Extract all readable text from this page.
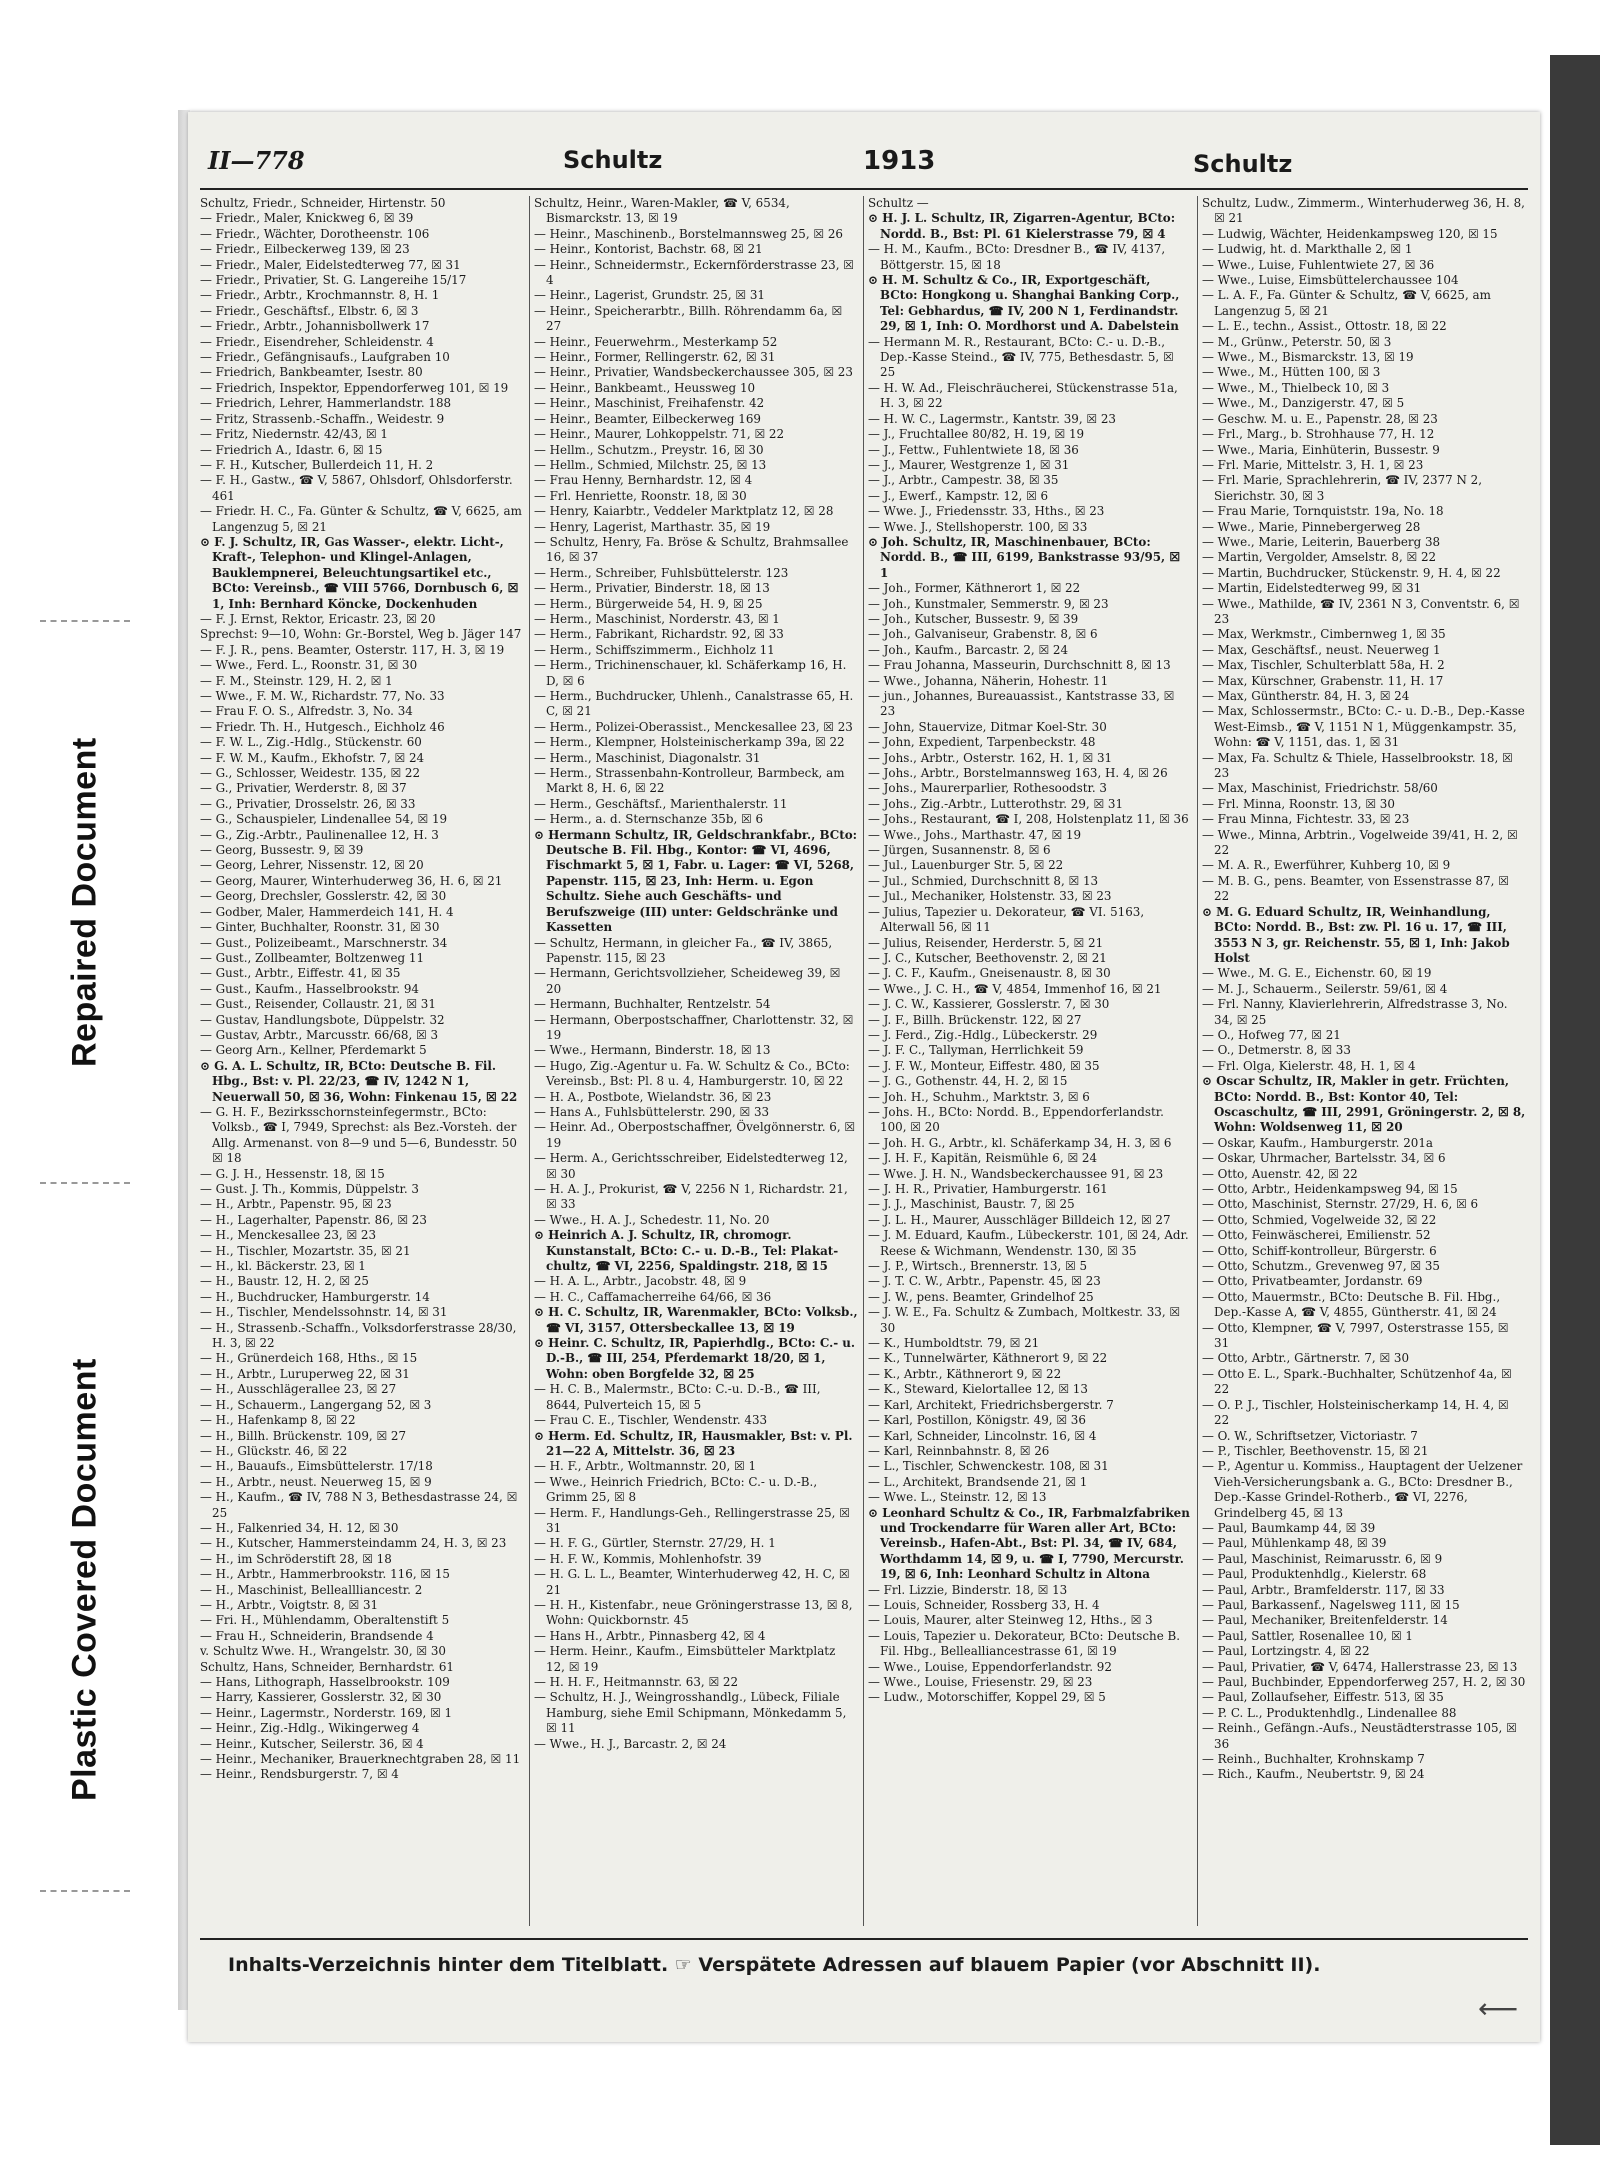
Repaired Document
Plastic Covered Document
II—778	Schultz	1913	Schultz
Schultz, Friedr., Schneider, Hirtenstr. 50
— Friedr., Maler, Knickweg 6, ☒ 39
— Friedr., Wächter, Dorotheenstr. 106
— Friedr., Eilbeckerweg 139, ☒ 23
— Friedr., Maler, Eidelstedterweg 77, ☒ 31
— Friedr., Privatier, St. G. Langereihe 15/17
— Friedr., Arbtr., Krochmannstr. 8, H. 1
— Friedr., Geschäftsf., Elbstr. 6, ☒ 3
— Friedr., Arbtr., Johannisbollwerk 17
— Friedr., Eisendreher, Schleidenstr. 4
— Friedr., Gefängnisaufs., Laufgraben 10
— Friedrich, Bankbeamter, Isestr. 80
— Friedrich, Inspektor, Eppendorferweg 101, ☒ 19
— Friedrich, Lehrer, Hammerlandstr. 188
— Fritz, Strassenb.-Schaffn., Weidestr. 9
— Fritz, Niedernstr. 42/43, ☒ 1
— Friedrich A., Idastr. 6, ☒ 15
— F. H., Kutscher, Bullerdeich 11, H. 2
— F. H., Gastw., ☎ V, 5867, Ohlsdorf, Ohlsdorferstr. 461
— Friedr. H. C., Fa. Günter & Schultz, ☎ V, 6625, am Langenzug 5, ☒ 21
⊙ F. J. Schultz, IR, Gas Wasser-, elektr. Licht-, Kraft-, Telephon- und Klingel-Anlagen, Bauklempnerei, Beleuchtungsartikel etc., BCto: Vereinsb., ☎ VIII 5766, Dornbusch 6, ☒ 1, Inh: Bernhard Köncke, Dockenhuden
— F. J. Ernst, Rektor, Ericastr. 23, ☒ 20
Sprechst: 9—10, Wohn: Gr.-Borstel, Weg b. Jäger 147
— F. J. R., pens. Beamter, Osterstr. 117, H. 3, ☒ 19
— Wwe., Ferd. L., Roonstr. 31, ☒ 30
— F. M., Steinstr. 129, H. 2, ☒ 1
— Wwe., F. M. W., Richardstr. 77, No. 33
— Frau F. O. S., Alfredstr. 3, No. 34
— Friedr. Th. H., Hutgesch., Eichholz 46
— F. W. L., Zig.-Hdlg., Stückenstr. 60
— F. W. M., Kaufm., Ekhofstr. 7, ☒ 24
— G., Schlosser, Weidestr. 135, ☒ 22
— G., Privatier, Werderstr. 8, ☒ 37
— G., Privatier, Drosselstr. 26, ☒ 33
— G., Schauspieler, Lindenallee 54, ☒ 19
— G., Zig.-Arbtr., Paulinenallee 12, H. 3
— Georg, Bussestr. 9, ☒ 39
— Georg, Lehrer, Nissenstr. 12, ☒ 20
— Georg, Maurer, Winterhuderweg 36, H. 6, ☒ 21
— Georg, Drechsler, Gosslerstr. 42, ☒ 30
— Godber, Maler, Hammerdeich 141, H. 4
— Ginter, Buchhalter, Roonstr. 31, ☒ 30
— Gust., Polizeibeamt., Marschnerstr. 34
— Gust., Zollbeamter, Boltzenweg 11
— Gust., Arbtr., Eiffestr. 41, ☒ 35
— Gust., Kaufm., Hasselbrookstr. 94
— Gust., Reisender, Collaustr. 21, ☒ 31
— Gustav, Handlungsbote, Düppelstr. 32
— Gustav, Arbtr., Marcusstr. 66/68, ☒ 3
— Georg Arn., Kellner, Pferdemarkt 5
⊙ G. A. L. Schultz, IR, BCto: Deutsche B. Fil. Hbg., Bst: v. Pl. 22/23, ☎ IV, 1242 N 1, Neuerwall 50, ☒ 36, Wohn: Finkenau 15, ☒ 22
— G. H. F., Bezirksschornsteinfegermstr., BCto: Volksb., ☎ I, 7949, Sprechst: als Bez.-Vorsteh. der Allg. Armenanst. von 8—9 und 5—6, Bundesstr. 50 ☒ 18
— G. J. H., Hessenstr. 18, ☒ 15
— Gust. J. Th., Kommis, Düppelstr. 3
— H., Arbtr., Papenstr. 95, ☒ 23
— H., Lagerhalter, Papenstr. 86, ☒ 23
— H., Menckesallee 23, ☒ 23
— H., Tischler, Mozartstr. 35, ☒ 21
— H., kl. Bäckerstr. 23, ☒ 1
— H., Baustr. 12, H. 2, ☒ 25
— H., Buchdrucker, Hamburgerstr. 14
— H., Tischler, Mendelssohnstr. 14, ☒ 31
— H., Strassenb.-Schaffn., Volksdorferstrasse 28/30, H. 3, ☒ 22
— H., Grünerdeich 168, Hths., ☒ 15
— H., Arbtr., Luruperweg 22, ☒ 31
— H., Ausschlägerallee 23, ☒ 27
— H., Schauerm., Langergang 52, ☒ 3
— H., Hafenkamp 8, ☒ 22
— H., Billh. Brückenstr. 109, ☒ 27
— H., Glückstr. 46, ☒ 22
— H., Bauaufs., Eimsbüttelerstr. 17/18
— H., Arbtr., neust. Neuerweg 15, ☒ 9
— H., Kaufm., ☎ IV, 788 N 3, Bethesdastrasse 24, ☒ 25
— H., Falkenried 34, H. 12, ☒ 30
— H., Kutscher, Hammersteindamm 24, H. 3, ☒ 23
— H., im Schröderstift 28, ☒ 18
— H., Arbtr., Hammerbrookstr. 116, ☒ 15
— H., Maschinist, Belleallliancestr. 2
— H., Arbtr., Voigtstr. 8, ☒ 31
— Fri. H., Mühlendamm, Oberaltenstift 5
— Frau H., Schneiderin, Brandsende 4
v. Schultz Wwe. H., Wrangelstr. 30, ☒ 30
Schultz, Hans, Schneider, Bernhardstr. 61
— Hans, Lithograph, Hasselbrookstr. 109
— Harry, Kassierer, Gosslerstr. 32, ☒ 30
— Heinr., Lagermstr., Norderstr. 169, ☒ 1
— Heinr., Zig.-Hdlg., Wikingerweg 4
— Heinr., Kutscher, Seilerstr. 36, ☒ 4
— Heinr., Mechaniker, Brauerknechtgraben 28, ☒ 11
— Heinr., Rendsburgerstr. 7, ☒ 4
Schultz, Heinr., Waren-Makler, ☎ V, 6534, Bismarckstr. 13, ☒ 19
— Heinr., Maschinenb., Borstelmannsweg 25, ☒ 26
— Heinr., Kontorist, Bachstr. 68, ☒ 21
— Heinr., Schneidermstr., Eckernförderstrasse 23, ☒ 4
— Heinr., Lagerist, Grundstr. 25, ☒ 31
— Heinr., Speicherarbtr., Billh. Röhrendamm 6a, ☒ 27
— Heinr., Feuerwehrm., Mesterkamp 52
— Heinr., Former, Rellingerstr. 62, ☒ 31
— Heinr., Privatier, Wandsbeckerchaussee 305, ☒ 23
— Heinr., Bankbeamt., Heussweg 10
— Heinr., Maschinist, Freihafenstr. 42
— Heinr., Beamter, Eilbeckerweg 169
— Heinr., Maurer, Lohkoppelstr. 71, ☒ 22
— Hellm., Schutzm., Preystr. 16, ☒ 30
— Hellm., Schmied, Milchstr. 25, ☒ 13
— Frau Henny, Bernhardstr. 12, ☒ 4
— Frl. Henriette, Roonstr. 18, ☒ 30
— Henry, Kaiarbtr., Veddeler Marktplatz 12, ☒ 28
— Henry, Lagerist, Marthastr. 35, ☒ 19
— Schultz, Henry, Fa. Bröse & Schultz, Brahmsallee 16, ☒ 37
— Herm., Schreiber, Fuhlsbüttelerstr. 123
— Herm., Privatier, Binderstr. 18, ☒ 13
— Herm., Bürgerweide 54, H. 9, ☒ 25
— Herm., Maschinist, Norderstr. 43, ☒ 1
— Herm., Fabrikant, Richardstr. 92, ☒ 33
— Herm., Schiffszimmerm., Eichholz 11
— Herm., Trichinenschauer, kl. Schäferkamp 16, H. D, ☒ 6
— Herm., Buchdrucker, Uhlenh., Canalstrasse 65, H. C, ☒ 21
— Herm., Polizei-Oberassist., Menckesallee 23, ☒ 23
— Herm., Klempner, Holsteinischerkamp 39a, ☒ 22
— Herm., Maschinist, Diagonalstr. 31
— Herm., Strassenbahn-Kontrolleur, Barmbeck, am Markt 8, H. 6, ☒ 22
— Herm., Geschäftsf., Marienthalerstr. 11
— Herm., a. d. Sternschanze 35b, ☒ 6
⊙ Hermann Schultz, IR, Geldschrankfabr., BCto: Deutsche B. Fil. Hbg., Kontor: ☎ VI, 4696, Fischmarkt 5, ☒ 1, Fabr. u. Lager: ☎ VI, 5268, Papenstr. 115, ☒ 23, Inh: Herm. u. Egon Schultz. Siehe auch Geschäfts- und Berufszweige (III) unter: Geldschränke und Kassetten
— Schultz, Hermann, in gleicher Fa., ☎ IV, 3865, Papenstr. 115, ☒ 23
— Hermann, Gerichtsvollzieher, Scheideweg 39, ☒ 20
— Hermann, Buchhalter, Rentzelstr. 54
— Hermann, Oberpostschaffner, Charlottenstr. 32, ☒ 19
— Wwe., Hermann, Binderstr. 18, ☒ 13
— Hugo, Zig.-Agentur u. Fa. W. Schultz & Co., BCto: Vereinsb., Bst: Pl. 8 u. 4, Hamburgerstr. 10, ☒ 22
— H. A., Postbote, Wielandstr. 36, ☒ 23
— Hans A., Fuhlsbüttelerstr. 290, ☒ 33
— Heinr. Ad., Oberpostschaffner, Övelgönnerstr. 6, ☒ 19
— Herm. A., Gerichtsschreiber, Eidelstedterweg 12, ☒ 30
— H. A. J., Prokurist, ☎ V, 2256 N 1, Richardstr. 21, ☒ 33
— Wwe., H. A. J., Schedestr. 11, No. 20
⊙ Heinrich A. J. Schultz, IR, chromogr. Kunstanstalt, BCto: C.- u. D.-B., Tel: Plakat-chultz, ☎ VI, 2256, Spaldingstr. 218, ☒ 15
— H. A. L., Arbtr., Jacobstr. 48, ☒ 9
— H. C., Caffamacherreihe 64/66, ☒ 36
⊙ H. C. Schultz, IR, Warenmakler, BCto: Volksb., ☎ VI, 3157, Ottersbeckallee 13, ☒ 19
⊙ Heinr. C. Schultz, IR, Papierhdlg., BCto: C.- u. D.-B., ☎ III, 254, Pferdemarkt 18/20, ☒ 1, Wohn: oben Borgfelde 32, ☒ 25
— H. C. B., Malermstr., BCto: C.-u. D.-B., ☎ III, 8644, Pulverteich 15, ☒ 5
— Frau C. E., Tischler, Wendenstr. 433
⊙ Herm. Ed. Schultz, IR, Hausmakler, Bst: v. Pl. 21—22 A, Mittelstr. 36, ☒ 23
— H. F., Arbtr., Woltmannstr. 20, ☒ 1
— Wwe., Heinrich Friedrich, BCto: C.- u. D.-B., Grimm 25, ☒ 8
— Herm. F., Handlungs-Geh., Rellingerstrasse 25, ☒ 31
— H. F. G., Gürtler, Sternstr. 27/29, H. 1
— H. F. W., Kommis, Mohlenhofstr. 39
— H. G. L. L., Beamter, Winterhuderweg 42, H. C, ☒ 21
— H. H., Kistenfabr., neue Gröningerstrasse 13, ☒ 8, Wohn: Quickbornstr. 45
— Hans H., Arbtr., Pinnasberg 42, ☒ 4
— Herm. Heinr., Kaufm., Eimsbütteler Marktplatz 12, ☒ 19
— H. H. F., Heitmannstr. 63, ☒ 22
— Schultz, H. J., Weingrosshandlg., Lübeck, Filiale Hamburg, siehe Emil Schipmann, Mönkedamm 5, ☒ 11
— Wwe., H. J., Barcastr. 2, ☒ 24
Schultz —
⊙ H. J. L. Schultz, IR, Zigarren-Agentur, BCto: Nordd. B., Bst: Pl. 61 Kielerstrasse 79, ☒ 4
— H. M., Kaufm., BCto: Dresdner B., ☎ IV, 4137, Böttgerstr. 15, ☒ 18
⊙ H. M. Schultz & Co., IR, Exportgeschäft, BCto: Hongkong u. Shanghai Banking Corp., Tel: Gebhardus, ☎ IV, 200 N 1, Ferdinandstr. 29, ☒ 1, Inh: O. Mordhorst und A. Dabelstein
— Hermann M. R., Restaurant, BCto: C.- u. D.-B., Dep.-Kasse Steind., ☎ IV, 775, Bethesdastr. 5, ☒ 25
— H. W. Ad., Fleischräucherei, Stückenstrasse 51a, H. 3, ☒ 22
— H. W. C., Lagermstr., Kantstr. 39, ☒ 23
— J., Fruchtallee 80/82, H. 19, ☒ 19
— J., Fettw., Fuhlentwiete 18, ☒ 36
— J., Maurer, Westgrenze 1, ☒ 31
— J., Arbtr., Campestr. 38, ☒ 35
— J., Ewerf., Kampstr. 12, ☒ 6
— Wwe. J., Friedensstr. 33, Hths., ☒ 23
— Wwe. J., Stellshoperstr. 100, ☒ 33
⊙ Joh. Schultz, IR, Maschinenbauer, BCto: Nordd. B., ☎ III, 6199, Bankstrasse 93/95, ☒ 1
— Joh., Former, Käthnerort 1, ☒ 22
— Joh., Kunstmaler, Semmerstr. 9, ☒ 23
— Joh., Kutscher, Bussestr. 9, ☒ 39
— Joh., Galvaniseur, Grabenstr. 8, ☒ 6
— Joh., Kaufm., Barcastr. 2, ☒ 24
— Frau Johanna, Masseurin, Durchschnitt 8, ☒ 13
— Wwe., Johanna, Näherin, Hohestr. 11
— jun., Johannes, Bureauassist., Kantstrasse 33, ☒ 23
— John, Stauervize, Ditmar Koel-Str. 30
— John, Expedient, Tarpenbeckstr. 48
— Johs., Arbtr., Osterstr. 162, H. 1, ☒ 31
— Johs., Arbtr., Borstelmannsweg 163, H. 4, ☒ 26
— Johs., Maurerparlier, Rothesoodstr. 3
— Johs., Zig.-Arbtr., Lutterothstr. 29, ☒ 31
— Johs., Restaurant, ☎ I, 208, Holstenplatz 11, ☒ 36
— Wwe., Johs., Marthastr. 47, ☒ 19
— Jürgen, Susannenstr. 8, ☒ 6
— Jul., Lauenburger Str. 5, ☒ 22
— Jul., Schmied, Durchschnitt 8, ☒ 13
— Jul., Mechaniker, Holstenstr. 33, ☒ 23
— Julius, Tapezier u. Dekorateur, ☎ VI. 5163, Alterwall 56, ☒ 11
— Julius, Reisender, Herderstr. 5, ☒ 21
— J. C., Kutscher, Beethovenstr. 2, ☒ 21
— J. C. F., Kaufm., Gneisenaustr. 8, ☒ 30
— Wwe., J. C. H., ☎ V, 4854, Immenhof 16, ☒ 21
— J. C. W., Kassierer, Gosslerstr. 7, ☒ 30
— J. F., Billh. Brückenstr. 122, ☒ 27
— J. Ferd., Zig.-Hdlg., Lübeckerstr. 29
— J. F. C., Tallyman, Herrlichkeit 59
— J. F. W., Monteur, Eiffestr. 480, ☒ 35
— J. G., Gothenstr. 44, H. 2, ☒ 15
— Joh. H., Schuhm., Marktstr. 3, ☒ 6
— Johs. H., BCto: Nordd. B., Eppendorferlandstr. 100, ☒ 20
— Joh. H. G., Arbtr., kl. Schäferkamp 34, H. 3, ☒ 6
— J. H. F., Kapitän, Reismühle 6, ☒ 24
— Wwe. J. H. N., Wandsbeckerchaussee 91, ☒ 23
— J. H. R., Privatier, Hamburgerstr. 161
— J. J., Maschinist, Baustr. 7, ☒ 25
— J. L. H., Maurer, Ausschläger Billdeich 12, ☒ 27
— J. M. Eduard, Kaufm., Lübeckerstr. 101, ☒ 24, Adr. Reese & Wichmann, Wendenstr. 130, ☒ 35
— J. P., Wirtsch., Brennerstr. 13, ☒ 5
— J. T. C. W., Arbtr., Papenstr. 45, ☒ 23
— J. W., pens. Beamter, Grindelhof 25
— J. W. E., Fa. Schultz & Zumbach, Moltkestr. 33, ☒ 30
— K., Humboldtstr. 79, ☒ 21
— K., Tunnelwärter, Käthnerort 9, ☒ 22
— K., Arbtr., Käthnerort 9, ☒ 22
— K., Steward, Kielortallee 12, ☒ 13
— Karl, Architekt, Friedrichsbergerstr. 7
— Karl, Postillon, Königstr. 49, ☒ 36
— Karl, Schneider, Lincolnstr. 16, ☒ 4
— Karl, Reinnbahnstr. 8, ☒ 26
— L., Tischler, Schwenckestr. 108, ☒ 31
— L., Architekt, Brandsende 21, ☒ 1
— Wwe. L., Steinstr. 12, ☒ 13
⊙ Leonhard Schultz & Co., IR, Farbmalzfabriken und Trockendarre für Waren aller Art, BCto: Vereinsb., Hafen-Abt., Bst: Pl. 34, ☎ IV, 684, Worthdamm 14, ☒ 9, u. ☎ I, 7790, Mercurstr. 19, ☒ 6, Inh: Leonhard Schultz in Altona
— Frl. Lizzie, Binderstr. 18, ☒ 13
— Louis, Schneider, Rossberg 33, H. 4
— Louis, Maurer, alter Steinweg 12, Hths., ☒ 3
— Louis, Tapezier u. Dekorateur, BCto: Deutsche B. Fil. Hbg., Bellealliancestrasse 61, ☒ 19
— Wwe., Louise, Eppendorferlandstr. 92
— Wwe., Louise, Friesenstr. 29, ☒ 23
— Ludw., Motorschiffer, Koppel 29, ☒ 5
Schultz, Ludw., Zimmerm., Winterhuderweg 36, H. 8, ☒ 21
— Ludwig, Wächter, Heidenkampsweg 120, ☒ 15
— Ludwig, ht. d. Markthalle 2, ☒ 1
— Wwe., Luise, Fuhlentwiete 27, ☒ 36
— Wwe., Luise, Eimsbüttelerchaussee 104
— L. A. F., Fa. Günter & Schultz, ☎ V, 6625, am Langenzug 5, ☒ 21
— L. E., techn., Assist., Ottostr. 18, ☒ 22
— M., Grünw., Peterstr. 50, ☒ 3
— Wwe., M., Bismarckstr. 13, ☒ 19
— Wwe., M., Hütten 100, ☒ 3
— Wwe., M., Thielbeck 10, ☒ 3
— Wwe., M., Danzigerstr. 47, ☒ 5
— Geschw. M. u. E., Papenstr. 28, ☒ 23
— Frl., Marg., b. Strohhause 77, H. 12
— Wwe., Maria, Einhüterin, Bussestr. 9
— Frl. Marie, Mittelstr. 3, H. 1, ☒ 23
— Frl. Marie, Sprachlehrerin, ☎ IV, 2377 N 2, Sierichstr. 30, ☒ 3
— Frau Marie, Tornquiststr. 19a, No. 18
— Wwe., Marie, Pinnebergerweg 28
— Wwe., Marie, Leiterin, Bauerberg 38
— Martin, Vergolder, Amselstr. 8, ☒ 22
— Martin, Buchdrucker, Stückenstr. 9, H. 4, ☒ 22
— Martin, Eidelstedterweg 99, ☒ 31
— Wwe., Mathilde, ☎ IV, 2361 N 3, Conventstr. 6, ☒ 23
— Max, Werkmstr., Cimbernweg 1, ☒ 35
— Max, Geschäftsf., neust. Neuerweg 1
— Max, Tischler, Schulterblatt 58a, H. 2
— Max, Kürschner, Grabenstr. 11, H. 17
— Max, Güntherstr. 84, H. 3, ☒ 24
— Max, Schlossermstr., BCto: C.- u. D.-B., Dep.-Kasse West-Eimsb., ☎ V, 1151 N 1, Müggenkampstr. 35, Wohn: ☎ V, 1151, das. 1, ☒ 31
— Max, Fa. Schultz & Thiele, Hasselbrookstr. 18, ☒ 23
— Max, Maschinist, Friedrichstr. 58/60
— Frl. Minna, Roonstr. 13, ☒ 30
— Frau Minna, Fichtestr. 33, ☒ 23
— Wwe., Minna, Arbtrin., Vogelweide 39/41, H. 2, ☒ 22
— M. A. R., Ewerführer, Kuhberg 10, ☒ 9
— M. B. G., pens. Beamter, von Essenstrasse 87, ☒ 22
⊙ M. G. Eduard Schultz, IR, Weinhandlung, BCto: Nordd. B., Bst: zw. Pl. 16 u. 17, ☎ III, 3553 N 3, gr. Reichenstr. 55, ☒ 1, Inh: Jakob Holst
— Wwe., M. G. E., Eichenstr. 60, ☒ 19
— M. J., Schauerm., Seilerstr. 59/61, ☒ 4
— Frl. Nanny, Klavierlehrerin, Alfredstrasse 3, No. 34, ☒ 25
— O., Hofweg 77, ☒ 21
— O., Detmerstr. 8, ☒ 33
— Frl. Olga, Kielerstr. 48, H. 1, ☒ 4
⊙ Oscar Schultz, IR, Makler in getr. Früchten, BCto: Nordd. B., Bst: Kontor 40, Tel: Oscaschultz, ☎ III, 2991, Gröningerstr. 2, ☒ 8, Wohn: Woldsenweg 11, ☒ 20
— Oskar, Kaufm., Hamburgerstr. 201a
— Oskar, Uhrmacher, Bartelsstr. 34, ☒ 6
— Otto, Auenstr. 42, ☒ 22
— Otto, Arbtr., Heidenkampsweg 94, ☒ 15
— Otto, Maschinist, Sternstr. 27/29, H. 6, ☒ 6
— Otto, Schmied, Vogelweide 32, ☒ 22
— Otto, Feinwäscherei, Emilienstr. 52
— Otto, Schiff-kontrolleur, Bürgerstr. 6
— Otto, Schutzm., Grevenweg 97, ☒ 35
— Otto, Privatbeamter, Jordanstr. 69
— Otto, Mauermstr., BCto: Deutsche B. Fil. Hbg., Dep.-Kasse A, ☎ V, 4855, Güntherstr. 41, ☒ 24
— Otto, Klempner, ☎ V, 7997, Osterstrasse 155, ☒ 31
— Otto, Arbtr., Gärtnerstr. 7, ☒ 30
— Otto E. L., Spark.-Buchhalter, Schützenhof 4a, ☒ 22
— O. P. J., Tischler, Holsteinischerkamp 14, H. 4, ☒ 22
— O. W., Schriftsetzer, Victoriastr. 7
— P., Tischler, Beethovenstr. 15, ☒ 21
— P., Agentur u. Kommiss., Hauptagent der Uelzener Vieh-Versicherungsbank a. G., BCto: Dresdner B., Dep.-Kasse Grindel-Rotherb., ☎ VI, 2276, Grindelberg 45, ☒ 13
— Paul, Baumkamp 44, ☒ 39
— Paul, Mühlenkamp 48, ☒ 39
— Paul, Maschinist, Reimarusstr. 6, ☒ 9
— Paul, Produktenhdlg., Kielerstr. 68
— Paul, Arbtr., Bramfelderstr. 117, ☒ 33
— Paul, Barkassenf., Nagelsweg 111, ☒ 15
— Paul, Mechaniker, Breitenfelderstr. 14
— Paul, Sattler, Rosenallee 10, ☒ 1
— Paul, Lortzingstr. 4, ☒ 22
— Paul, Privatier, ☎ V, 6474, Hallerstrasse 23, ☒ 13
— Paul, Buchbinder, Eppendorferweg 257, H. 2, ☒ 30
— Paul, Zollaufseher, Eiffestr. 513, ☒ 35
— P. C. L., Produktenhdlg., Lindenallee 88
— Reinh., Gefängn.-Aufs., Neustädterstrasse 105, ☒ 36
— Reinh., Buchhalter, Krohnskamp 7
— Rich., Kaufm., Neubertstr. 9, ☒ 24
Inhalts-Verzeichnis hinter dem Titelblatt. ☞ Verspätete Adressen auf blauem Papier (vor Abschnitt II).
⟵
